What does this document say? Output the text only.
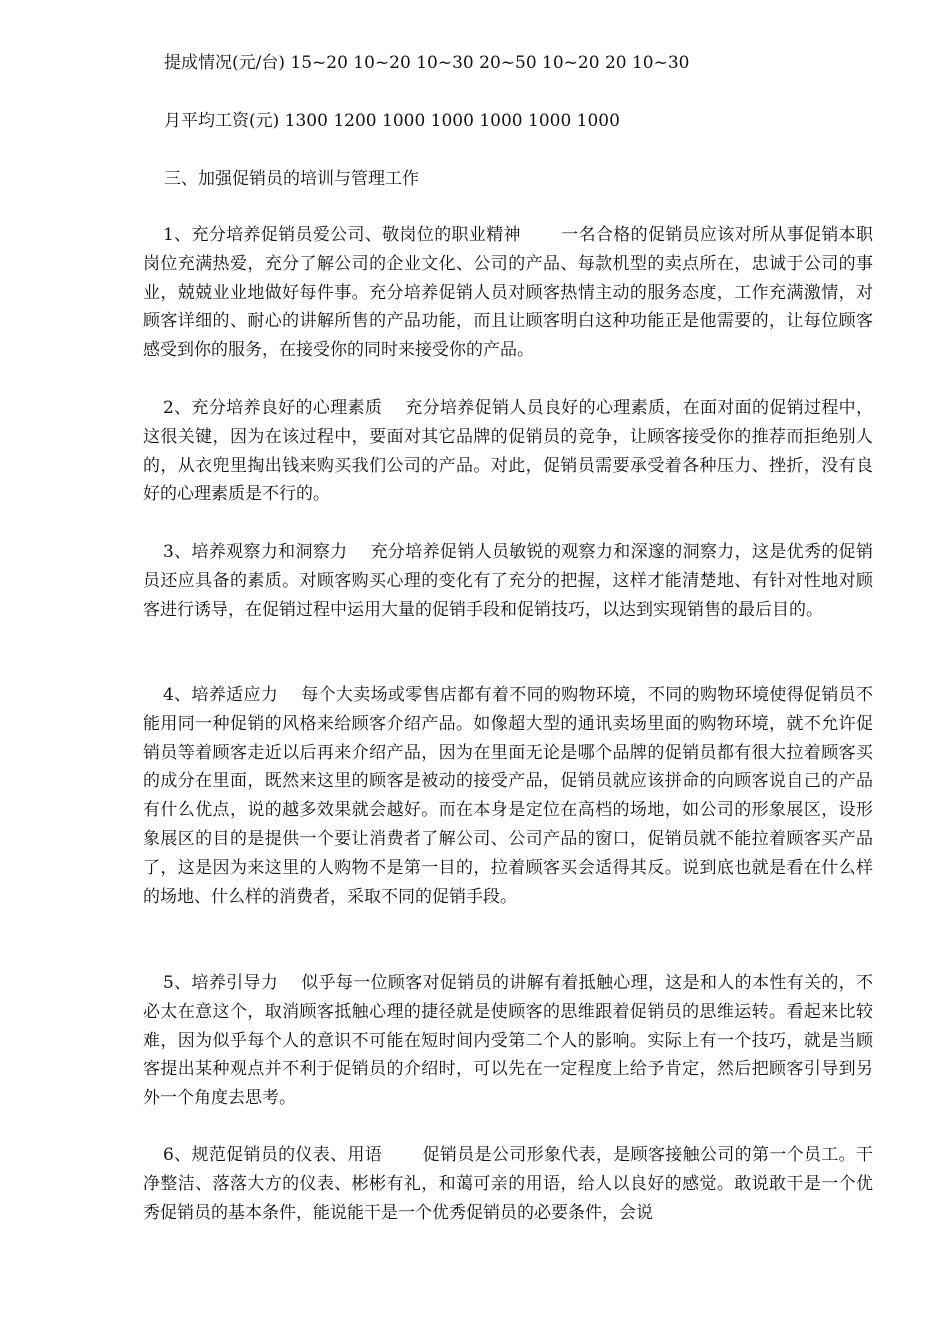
提成情况(元/台) 15~20 10~20 10~30 20~50 10~20 20 10~30
月平均工资(元) 1300 1200 1000 1000 1000 1000 1000
三、加强促销员的培训与管理工作
1、充分培养促销员爱公司、敬岗位的职业精神　　 一名合格的促销员应该对所从事促销本职岗位充满热爱，充分了解公司的企业文化、公司的产品、每款机型的卖点所在，忠诚于公司的事业，兢兢业业地做好每件事。充分培养促销人员对顾客热情主动的服务态度，工作充满激情，对顾客详细的、耐心的讲解所售的产品功能，而且让顾客明白这种功能正是他需要的，让每位顾客感受到你的服务，在接受你的同时来接受你的产品。
2、充分培养良好的心理素质　 充分培养促销人员良好的心理素质，在面对面的促销过程中，这很关键，因为在该过程中，要面对其它品牌的促销员的竞争，让顾客接受你的推荐而拒绝别人的，从衣兜里掏出钱来购买我们公司的产品。对此，促销员需要承受着各种压力、挫折，没有良好的心理素质是不行的。
3、培养观察力和洞察力　 充分培养促销人员敏锐的观察力和深邃的洞察力，这是优秀的促销员还应具备的素质。对顾客购买心理的变化有了充分的把握，这样才能清楚地、有针对性地对顾客进行诱导，在促销过程中运用大量的促销手段和促销技巧，以达到实现销售的最后目的。
4、培养适应力　 每个大卖场或零售店都有着不同的购物环境，不同的购物环境使得促销员不能用同一种促销的风格来给顾客介绍产品。如像超大型的通讯卖场里面的购物环境，就不允许促销员等着顾客走近以后再来介绍产品，因为在里面无论是哪个品牌的促销员都有很大拉着顾客买的成分在里面，既然来这里的顾客是被动的接受产品，促销员就应该拼命的向顾客说自己的产品有什么优点，说的越多效果就会越好。而在本身是定位在高档的场地，如公司的形象展区，设形象展区的目的是提供一个要让消费者了解公司、公司产品的窗口，促销员就不能拉着顾客买产品了，这是因为来这里的人购物不是第一目的，拉着顾客买会适得其反。说到底也就是看在什么样的场地、什么样的消费者，采取不同的促销手段。
5、培养引导力　 似乎每一位顾客对促销员的讲解有着抵触心理，这是和人的本性有关的，不必太在意这个，取消顾客抵触心理的捷径就是使顾客的思维跟着促销员的思维运转。看起来比较难，因为似乎每个人的意识不可能在短时间内受第二个人的影响。实际上有一个技巧，就是当顾客提出某种观点并不利于促销员的介绍时，可以先在一定程度上给予肯定，然后把顾客引导到另外一个角度去思考。
6、规范促销员的仪表、用语　　 促销员是公司形象代表，是顾客接触公司的第一个员工。干净整洁、落落大方的仪表、彬彬有礼，和蔼可亲的用语，给人以良好的感觉。敢说敢干是一个优秀促销员的基本条件，能说能干是一个优秀促销员的必要条件，会说
